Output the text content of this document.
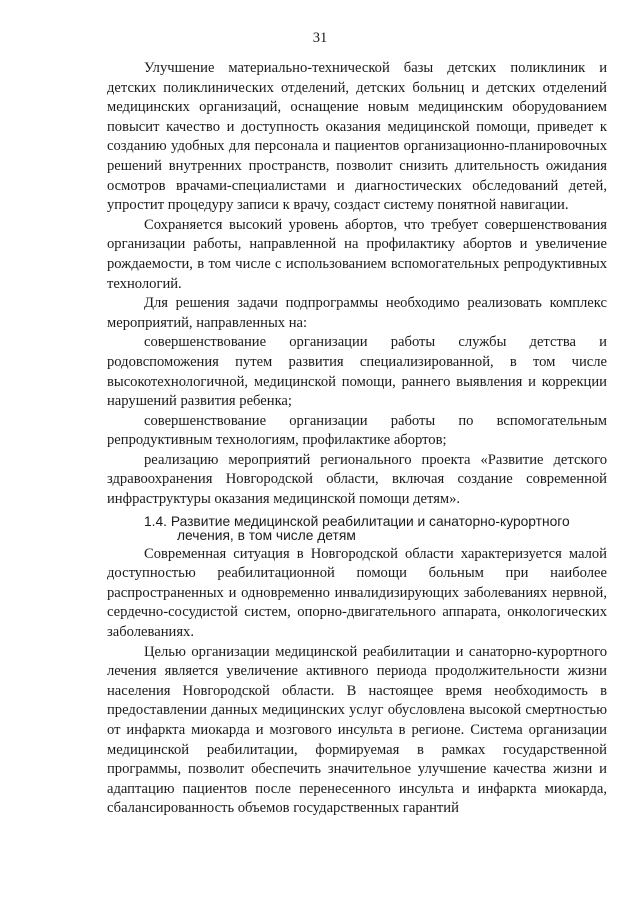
31

Улучшение материально-технической базы детских поликлиник и детских поликлинических отделений, детских больниц и детских отделений медицинских организаций, оснащение новым медицинским оборудованием повысит качество и доступность оказания медицинской помощи, приведет к созданию удобных для персонала и пациентов организационно-планировочных решений внутренних пространств, позволит снизить длительность ожидания осмотров врачами-специалистами и диагностических обследований детей, упростит процедуру записи к врачу, создаст систему понятной навигации.

Сохраняется высокий уровень абортов, что требует совершенствования организации работы, направленной на профилактику абортов и увеличение рождаемости, в том числе с использованием вспомогательных репродуктивных технологий.

Для решения задачи подпрограммы необходимо реализовать комплекс мероприятий, направленных на:

совершенствование организации работы службы детства и родовспоможения путем развития специализированной, в том числе высокотехнологичной, медицинской помощи, раннего выявления и коррекции нарушений развития ребенка;

совершенствование организации работы по вспомогательным репродуктивным технологиям, профилактике абортов;

реализацию мероприятий регионального проекта «Развитие детского здравоохранения Новгородской области, включая создание современной инфраструктуры оказания медицинской помощи детям».

1.4. Развитие медицинской реабилитации и санаторно-курортного
лечения, в том числе детям

Современная ситуация в Новгородской области характеризуется малой доступностью реабилитационной помощи больным при наиболее распространенных и одновременно инвалидизирующих заболеваниях нервной, сердечно-сосудистой систем, опорно-двигательного аппарата, онкологических заболеваниях.

Целью организации медицинской реабилитации и санаторно-курортного лечения является увеличение активного периода продолжительности жизни населения Новгородской области. В настоящее время необходимость в предоставлении данных медицинских услуг обусловлена высокой смертностью от инфаркта миокарда и мозгового инсульта в регионе. Система организации медицинской реабилитации, формируемая в рамках государственной программы, позволит обеспечить значительное улучшение качества жизни и адаптацию пациентов после перенесенного инсульта и инфаркта миокарда, сбалансированность объемов государственных гарантий
